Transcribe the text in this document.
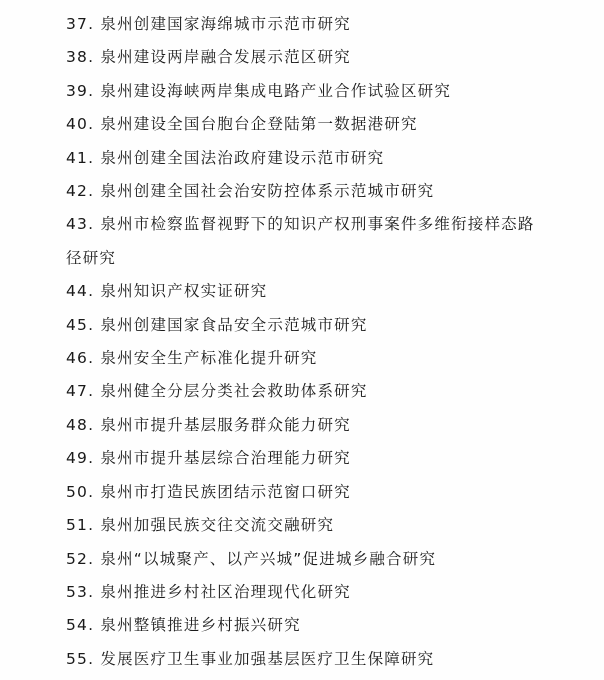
37. 泉州创建国家海绵城市示范市研究
38. 泉州建设两岸融合发展示范区研究
39. 泉州建设海峡两岸集成电路产业合作试验区研究
40. 泉州建设全国台胞台企登陆第一数据港研究
41. 泉州创建全国法治政府建设示范市研究
42. 泉州创建全国社会治安防控体系示范城市研究
43. 泉州市检察监督视野下的知识产权刑事案件多维衔接样态路径研究
44. 泉州知识产权实证研究
45. 泉州创建国家食品安全示范城市研究
46. 泉州安全生产标准化提升研究
47. 泉州健全分层分类社会救助体系研究
48. 泉州市提升基层服务群众能力研究
49. 泉州市提升基层综合治理能力研究
50. 泉州市打造民族团结示范窗口研究
51. 泉州加强民族交往交流交融研究
52. 泉州“以城聚产、以产兴城”促进城乡融合研究
53. 泉州推进乡村社区治理现代化研究
54. 泉州整镇推进乡村振兴研究
55. 发展医疗卫生事业加强基层医疗卫生保障研究
